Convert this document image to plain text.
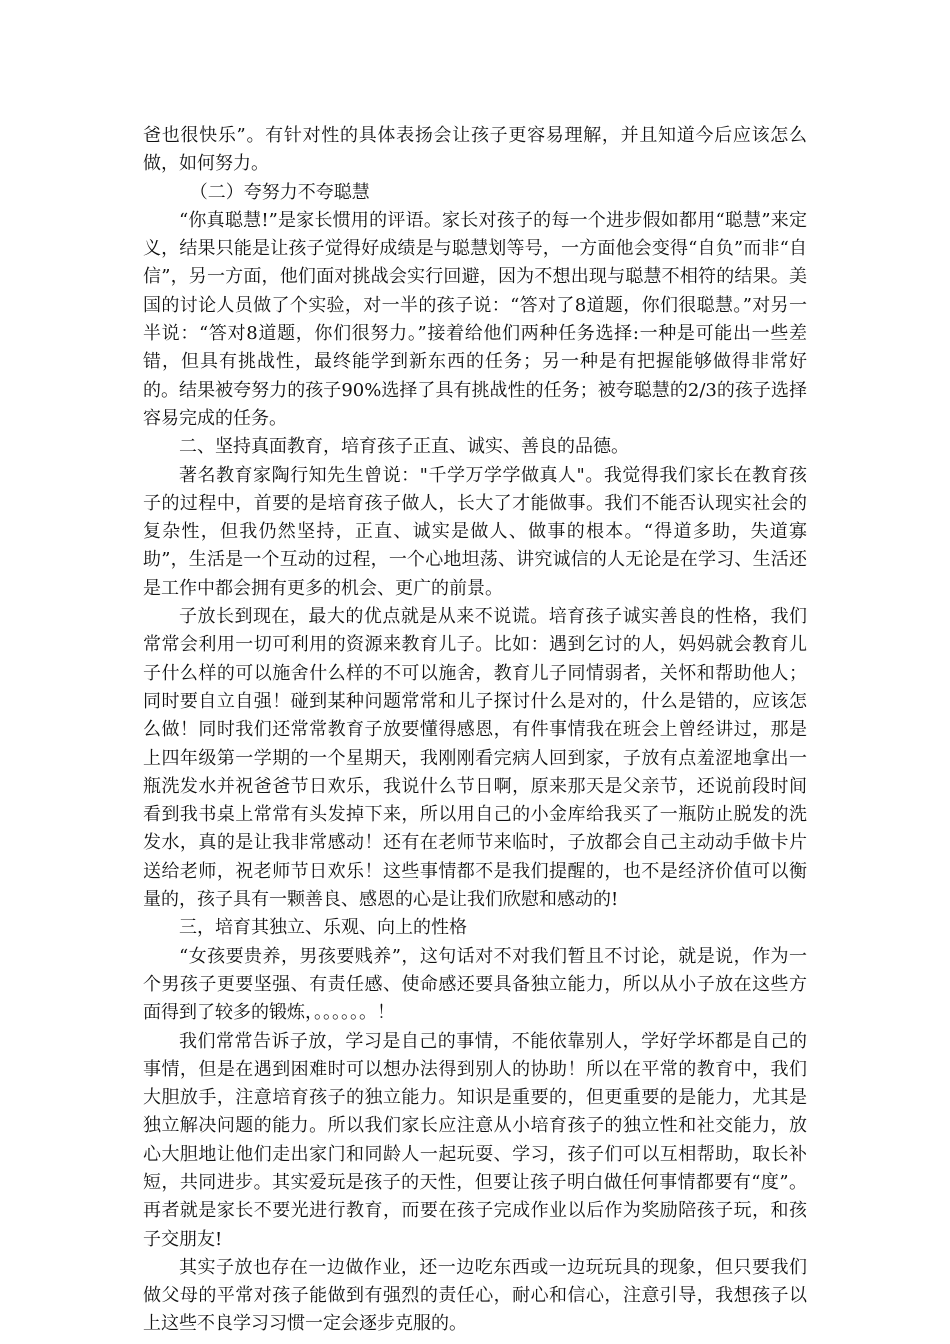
爸也很快乐”。有针对性的具体表扬会让孩子更容易理解，并且知道今后应该怎么做，如何努力。

（二）夸努力不夸聪慧

“你真聪慧!”是家长惯用的评语。家长对孩子的每一个进步假如都用“聪慧”来定义，结果只能是让孩子觉得好成绩是与聪慧划等号，一方面他会变得“自负”而非“自信”，另一方面，他们面对挑战会实行回避，因为不想出现与聪慧不相符的结果。美国的讨论人员做了个实验，对一半的孩子说：“答对了8道题，你们很聪慧。”对另一半说：“答对8道题，你们很努力。”接着给他们两种任务选择:一种是可能出一些差错，但具有挑战性，最终能学到新东西的任务；另一种是有把握能够做得非常好的。结果被夸努力的孩子90%选择了具有挑战性的任务；被夸聪慧的2/3的孩子选择容易完成的任务。

二、坚持真面教育，培育孩子正直、诚实、善良的品德。

著名教育家陶行知先生曾说："千学万学学做真人"。我觉得我们家长在教育孩子的过程中，首要的是培育孩子做人，长大了才能做事。我们不能否认现实社会的复杂性，但我仍然坚持，正直、诚实是做人、做事的根本。“得道多助，失道寡助”，生活是一个互动的过程，一个心地坦荡、讲究诚信的人无论是在学习、生活还是工作中都会拥有更多的机会、更广的前景。

子放长到现在，最大的优点就是从来不说谎。培育孩子诚实善良的性格，我们常常会利用一切可利用的资源来教育儿子。比如：遇到乞讨的人，妈妈就会教育儿子什么样的可以施舍什么样的不可以施舍，教育儿子同情弱者，关怀和帮助他人；同时要自立自强！碰到某种问题常常和儿子探讨什么是对的，什么是错的，应该怎么做！同时我们还常常教育子放要懂得感恩，有件事情我在班会上曾经讲过，那是上四年级第一学期的一个星期天，我刚刚看完病人回到家，子放有点羞涩地拿出一瓶洗发水并祝爸爸节日欢乐，我说什么节日啊，原来那天是父亲节，还说前段时间看到我书桌上常常有头发掉下来，所以用自己的小金库给我买了一瓶防止脱发的洗发水，真的是让我非常感动！还有在老师节来临时，子放都会自己主动动手做卡片送给老师，祝老师节日欢乐！这些事情都不是我们提醒的，也不是经济价值可以衡量的，孩子具有一颗善良、感恩的心是让我们欣慰和感动的!

三，培育其独立、乐观、向上的性格

“女孩要贵养，男孩要贱养”，这句话对不对我们暂且不讨论，就是说，作为一个男孩子更要坚强、有责任感、使命感还要具备独立能力，所以从小子放在这些方面得到了较多的锻炼，。。。。。。！

我们常常告诉子放，学习是自己的事情，不能依靠别人，学好学坏都是自己的事情，但是在遇到困难时可以想办法得到别人的协助！所以在平常的教育中，我们大胆放手，注意培育孩子的独立能力。知识是重要的，但更重要的是能力，尤其是独立解决问题的能力。所以我们家长应注意从小培育孩子的独立性和社交能力，放心大胆地让他们走出家门和同龄人一起玩耍、学习，孩子们可以互相帮助，取长补短，共同进步。其实爱玩是孩子的天性，但要让孩子明白做任何事情都要有“度”。再者就是家长不要光进行教育，而要在孩子完成作业以后作为奖励陪孩子玩，和孩子交朋友!

其实子放也存在一边做作业，还一边吃东西或一边玩玩具的现象，但只要我们做父母的平常对孩子能做到有强烈的责任心，耐心和信心，注意引导，我想孩子以上这些不良学习习惯一定会逐步克服的。
